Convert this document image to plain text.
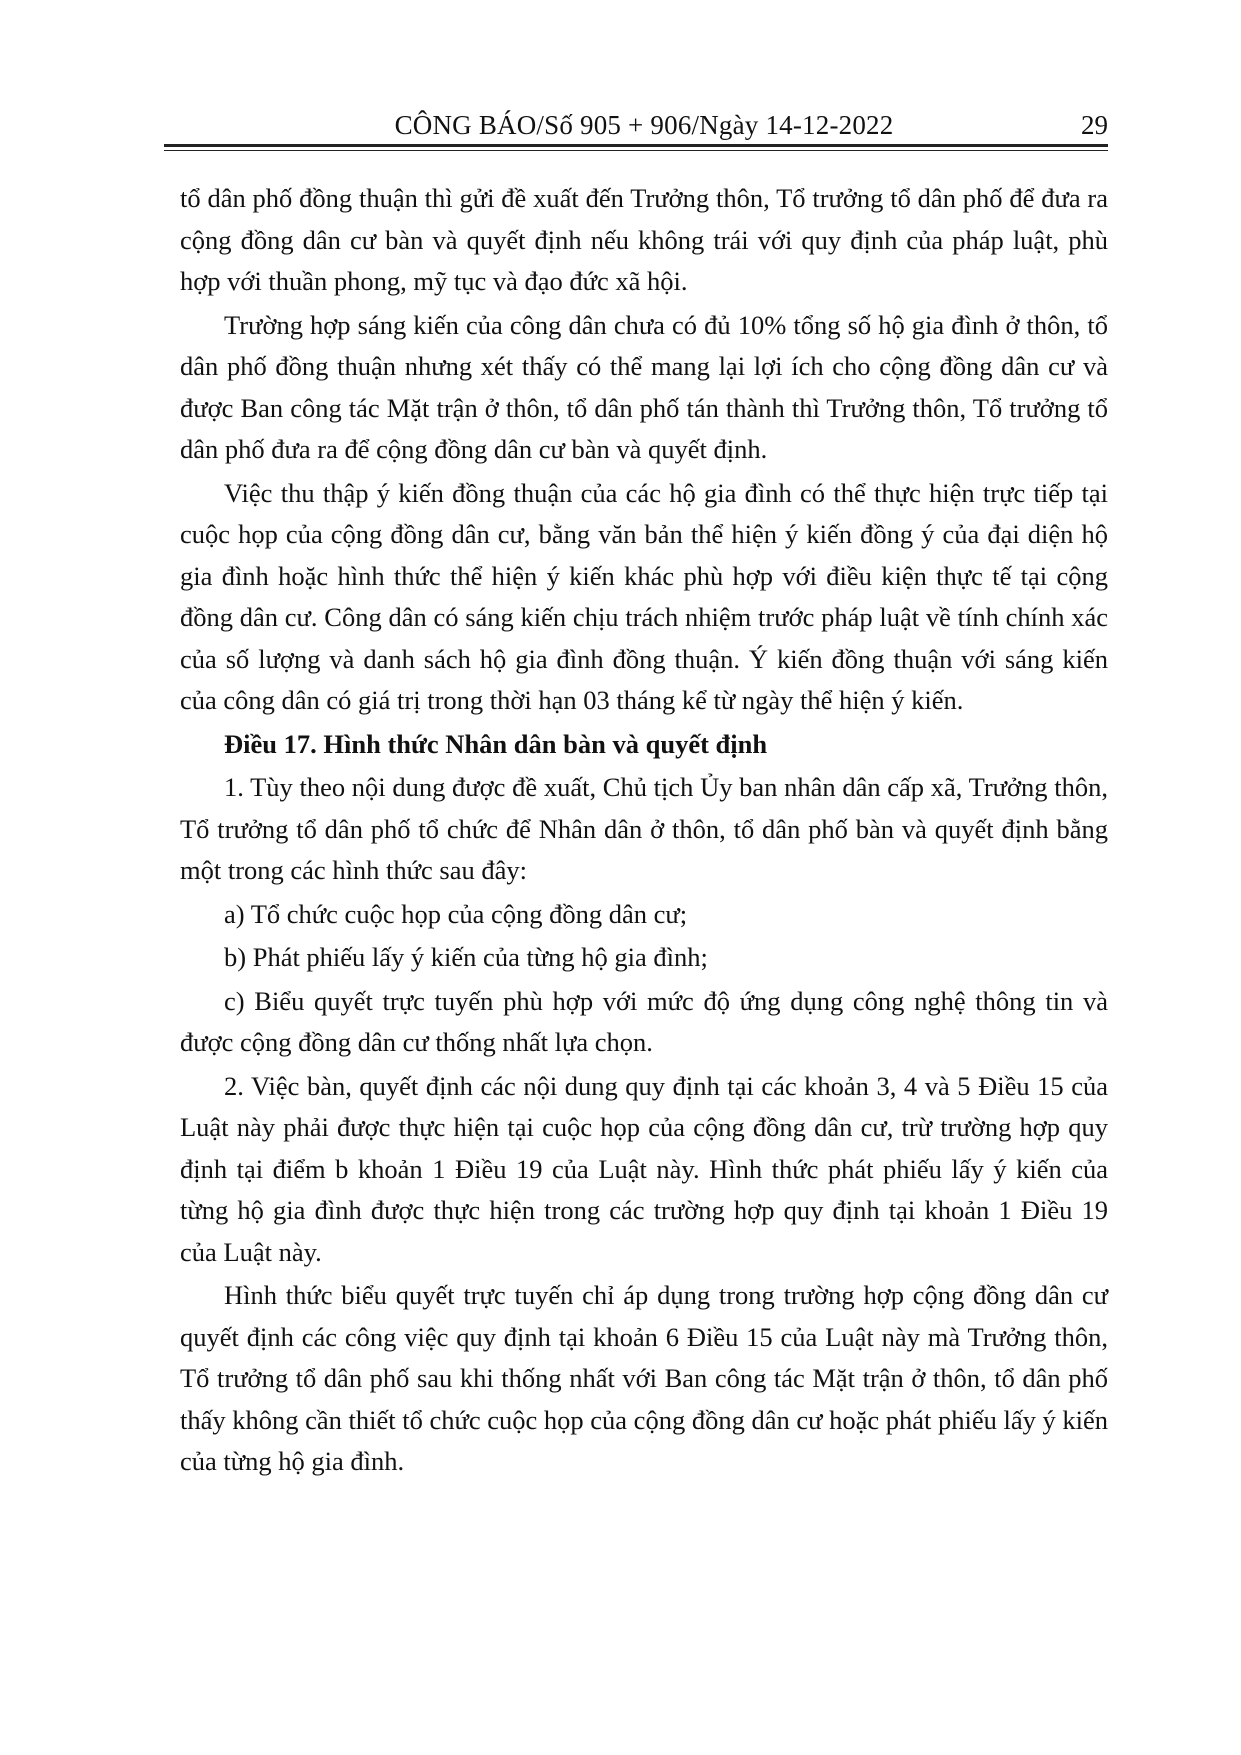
CÔNG BÁO/Số 905 + 906/Ngày 14-12-2022	29

tổ dân phố đồng thuận thì gửi đề xuất đến Trưởng thôn, Tổ trưởng tổ dân phố để đưa ra cộng đồng dân cư bàn và quyết định nếu không trái với quy định của pháp luật, phù hợp với thuần phong, mỹ tục và đạo đức xã hội.

Trường hợp sáng kiến của công dân chưa có đủ 10% tổng số hộ gia đình ở thôn, tổ dân phố đồng thuận nhưng xét thấy có thể mang lại lợi ích cho cộng đồng dân cư và được Ban công tác Mặt trận ở thôn, tổ dân phố tán thành thì Trưởng thôn, Tổ trưởng tổ dân phố đưa ra để cộng đồng dân cư bàn và quyết định.

Việc thu thập ý kiến đồng thuận của các hộ gia đình có thể thực hiện trực tiếp tại cuộc họp của cộng đồng dân cư, bằng văn bản thể hiện ý kiến đồng ý của đại diện hộ gia đình hoặc hình thức thể hiện ý kiến khác phù hợp với điều kiện thực tế tại cộng đồng dân cư. Công dân có sáng kiến chịu trách nhiệm trước pháp luật về tính chính xác của số lượng và danh sách hộ gia đình đồng thuận. Ý kiến đồng thuận với sáng kiến của công dân có giá trị trong thời hạn 03 tháng kể từ ngày thể hiện ý kiến.

Điều 17. Hình thức Nhân dân bàn và quyết định

1. Tùy theo nội dung được đề xuất, Chủ tịch Ủy ban nhân dân cấp xã, Trưởng thôn, Tổ trưởng tổ dân phố tổ chức để Nhân dân ở thôn, tổ dân phố bàn và quyết định bằng một trong các hình thức sau đây:

a) Tổ chức cuộc họp của cộng đồng dân cư;

b) Phát phiếu lấy ý kiến của từng hộ gia đình;

c) Biểu quyết trực tuyến phù hợp với mức độ ứng dụng công nghệ thông tin và được cộng đồng dân cư thống nhất lựa chọn.

2. Việc bàn, quyết định các nội dung quy định tại các khoản 3, 4 và 5 Điều 15 của Luật này phải được thực hiện tại cuộc họp của cộng đồng dân cư, trừ trường hợp quy định tại điểm b khoản 1 Điều 19 của Luật này. Hình thức phát phiếu lấy ý kiến của từng hộ gia đình được thực hiện trong các trường hợp quy định tại khoản 1 Điều 19 của Luật này.

Hình thức biểu quyết trực tuyến chỉ áp dụng trong trường hợp cộng đồng dân cư quyết định các công việc quy định tại khoản 6 Điều 15 của Luật này mà Trưởng thôn, Tổ trưởng tổ dân phố sau khi thống nhất với Ban công tác Mặt trận ở thôn, tổ dân phố thấy không cần thiết tổ chức cuộc họp của cộng đồng dân cư hoặc phát phiếu lấy ý kiến của từng hộ gia đình.
